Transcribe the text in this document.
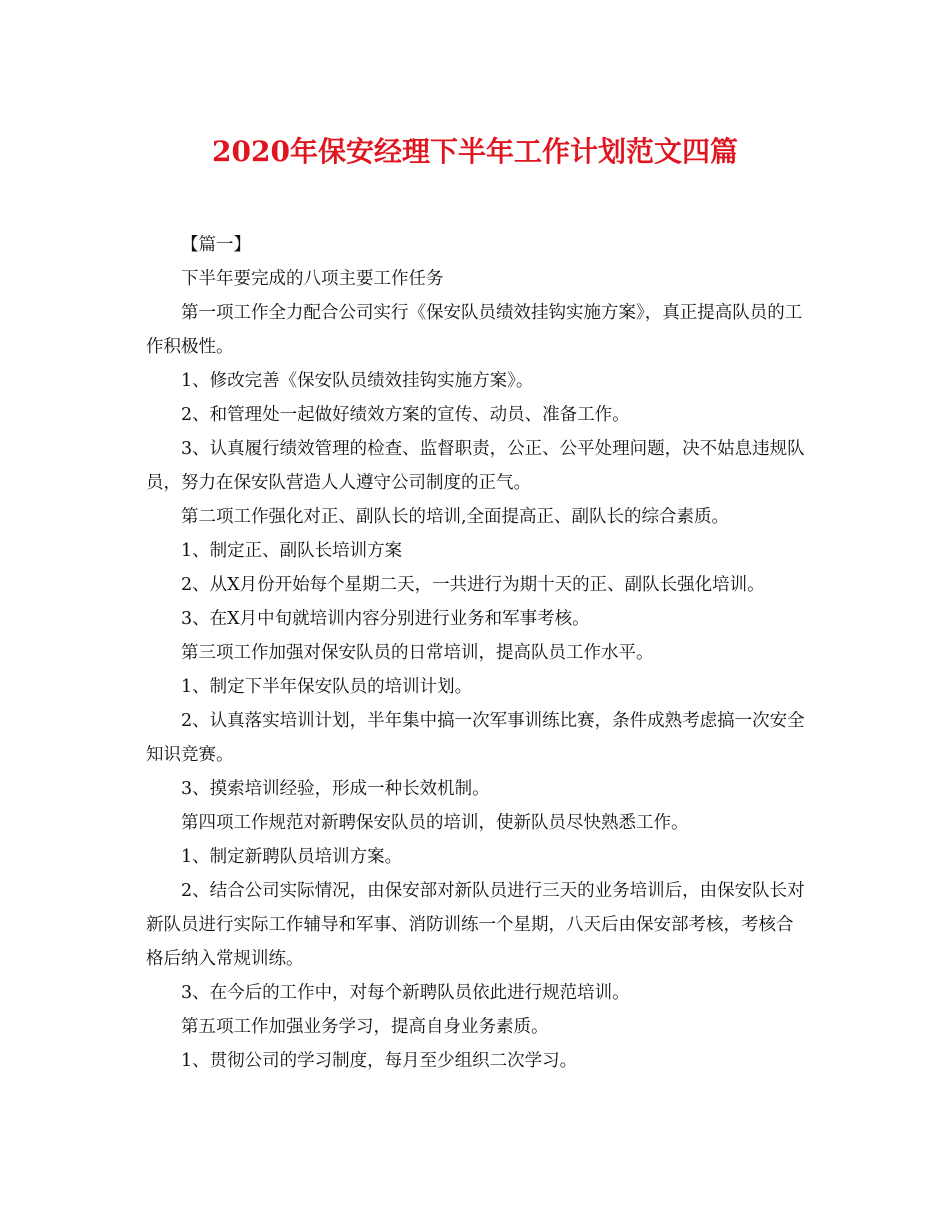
2020年保安经理下半年工作计划范文四篇

【篇一】

下半年要完成的八项主要工作任务

第一项工作全力配合公司实行《保安队员绩效挂钩实施方案》，真正提高队员的工作积极性。

1、修改完善《保安队员绩效挂钩实施方案》。

2、和管理处一起做好绩效方案的宣传、动员、准备工作。

3、认真履行绩效管理的检查、监督职责，公正、公平处理问题，决不姑息违规队员，努力在保安队营造人人遵守公司制度的正气。

第二项工作强化对正、副队长的培训,全面提高正、副队长的综合素质。

1、制定正、副队长培训方案

2、从X月份开始每个星期二天，一共进行为期十天的正、副队长强化培训。

3、在X月中旬就培训内容分别进行业务和军事考核。

第三项工作加强对保安队员的日常培训，提高队员工作水平。

1、制定下半年保安队员的培训计划。

2、认真落实培训计划，半年集中搞一次军事训练比赛，条件成熟考虑搞一次安全知识竞赛。

3、摸索培训经验，形成一种长效机制。

第四项工作规范对新聘保安队员的培训，使新队员尽快熟悉工作。

1、制定新聘队员培训方案。

2、结合公司实际情况，由保安部对新队员进行三天的业务培训后，由保安队长对新队员进行实际工作辅导和军事、消防训练一个星期，八天后由保安部考核，考核合格后纳入常规训练。

3、在今后的工作中，对每个新聘队员依此进行规范培训。

第五项工作加强业务学习，提高自身业务素质。

1、贯彻公司的学习制度，每月至少组织二次学习。
